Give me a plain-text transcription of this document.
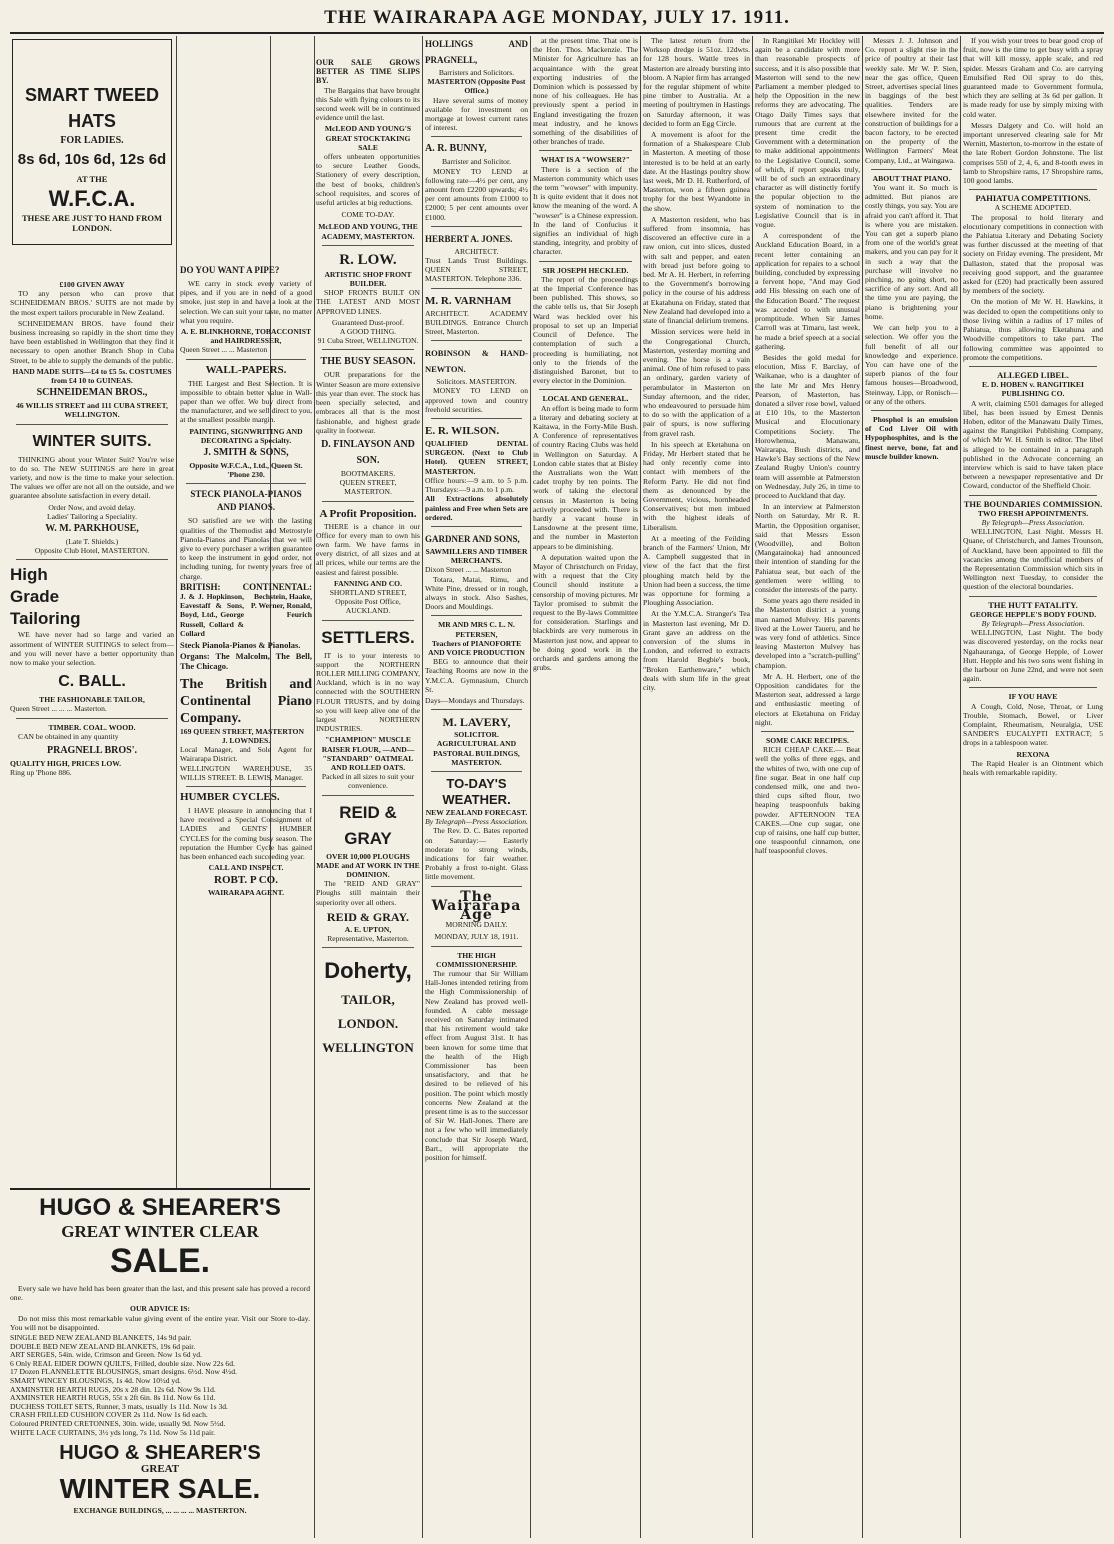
THE WAIRARAPA AGE MONDAY, JULY 17. 1911.
SMART TWEED HATS
FOR LADIES.
8s 6d, 10s 6d, 12s 6d
AT THE
W.F.C.A.
THESE ARE JUST TO HAND FROM LONDON.
£100 GIVEN AWAY

TO any person who can prove that SCHNEIDEMAN BROS.' SUITS are not made by the most expert tailors procurable in New Zealand.

SCHNEIDEMAN BROS. have found their business increasing so rapidly in the short time they have been established in Wellington that they find it necessary to open another Branch Shop in Cuba Street, to be able to supply the demands of the public.

HAND MADE SUITS—£4 to £5 5s. COSTUMES from £4 10 to GUINEAS.
SCHNEIDEMAN BROS.,
46 WILLIS STREET and 111 CUBA STREET, WELLINGTON.
WINTER SUITS.

THINKING about your Winter Suit? You're wise to do so. The NEW SUITINGS are here in great variety, and now is the time to make your selection. The values we offer are not all on the outside, and we guarantee absolute satisfaction in every detail.

Order Now, and avoid delay.
Ladies' Tailoring a Speciality.
W. M. PARKHOUSE,
(Late T. Shields.)
Opposite Club Hotel, MASTERTON.
High Grade Tailoring

WE have never had so large and varied an assortment of WINTER SUITINGS to select from—and you will never have a better opportunity than now to make your selection.

C. BALL.
THE FASHIONABLE TAILOR,
Queen Street ... ... ... Masterton.
TIMBER. COAL. WOOD.

CAN be obtained in any quantity

PRAGNELL BROS'.
QUALITY HIGH, PRICES LOW.
Ring up 'Phone 886.
DO YOU WANT A PIPE?

WE carry in stock every variety of pipes, and if you are in need of a good smoke, just step in and have a look at the selection. We can suit your taste, no matter what you require.

A. E. BLINKHORNE, TOBACCONIST and HAIRDRESSER,
Queen Street ... ... Masterton
WALL-PAPERS.

THE Largest and Best Selection. It is impossible to obtain better value in Wall-paper than we offer. We buy direct from the manufacturer, and we sell direct to you, at the smallest possible margin.

PAINTING, SIGNWRITING AND DECORATING a Specialty.
J. SMITH & SONS,
Opposite W.F.C.A., Ltd., Queen St. 'Phone 230.
STECK PIANOLA-PIANOS AND PIANOS.

SO satisfied are we with the lasting qualities of the Themodist and Metrostyle Pianola-Pianos and Pianolas that we will give to every purchaser a written guarantee to keep the instrument in good order, not including tuning, for twenty years free of charge.

BRITISH: CONTINENTAL:
J. & J. Hopkinson, Eavestaff & Sons, Boyd, Ltd., George Russell, Collard & Collard
Bechstein, Haake, P. Werner, Ronald, Feurich
Steck Pianola-Pianos & Pianolas.
Organs: The Malcolm, The Bell, The Chicago.
The British and Continental Piano Company.
169 QUEEN STREET, MASTERTON
J. LOWNDES.
Local Manager, and Sole Agent for Wairarapa District.
WELLINGTON WAREHOUSE, 35 WILLIS STREET. B. LEWIS, Manager.
HUMBER CYCLES.

I HAVE pleasure in announcing that I have received a Special Consignment of LADIES and GENTS' HUMBER CYCLES for the coming busy season. The reputation the Humber Cycle has gained has been enhanced each succeeding year.

CALL AND INSPECT.
ROBT. P CO.
WAIRARAPA AGENT.
OUR SALE GROWS BETTER AS TIME SLIPS BY.

The Bargains that have brought this Sale with flying colours to its second week will be in continued evidence until the last.

McLEOD AND YOUNG'S GREAT STOCKTAKING SALE

offers unbeaten opportunities to secure Leather Goods, Stationery of every description, the best of books, children's school requisites, and scores of useful articles at big reductions.

COME TO-DAY.
McLEOD AND YOUNG, THE ACADEMY, MASTERTON.
R. LOW.
ARTISTIC SHOP FRONT BUILDER.

SHOP FRONTS BUILT ON THE LATEST AND MOST APPROVED LINES.

Guaranteed Dust-proof.
A GOOD THING.
91 Cuba Street, WELLINGTON.
THE BUSY SEASON.

OUR preparations for the Winter Season are more extensive this year than ever. The stock has been specially selected, and embraces all that is the most fashionable, and highest grade quality in footwear.

D. FINLAYSON AND SON.
BOOTMAKERS.
QUEEN STREET, MASTERTON.
A Profit Proposition.

THERE is a chance in our Office for every man to own his own farm. We have farms in every district, of all sizes and at all prices, while our terms are the easiest and fairest possible.

FANNING AND CO.
SHORTLAND STREET, Opposite Post Office, AUCKLAND.
SETTLERS.

IT is to your interests to support the NORTHERN ROLLER MILLING COMPANY, Auckland, which is in no way connected with the SOUTHERN FLOUR TRUSTS, and by doing so you will keep alive one of the largest NORTHERN INDUSTRIES.

"CHAMPION" MUSCLE RAISER FLOUR, —AND— "STANDARD" OATMEAL AND ROLLED OATS.
Packed in all sizes to suit your convenience.
REID & GRAY
OVER 10,000 PLOUGHS MADE and AT WORK IN THE DOMINION.

The "REID AND GRAY" Ploughs still maintain their superiority over all others.

REID & GRAY.
A. E. UPTON,
Representative, Masterton.
Doherty,
TAILOR,
LONDON.
WELLINGTON
HOLLINGS AND PRAGNELL,
Barristers and Solicitors.
MASTERTON (Opposite Post Office.)

Have several sums of money available for investment on mortgage at lowest current rates of interest.

A. R. BUNNY,
Barrister and Solicitor.

MONEY TO LEND at following rate—4½ per cent, any amount from £2200 upwards; 4½ per cent amounts from £1000 to £2000; 5 per cent amounts over £1000.

HERBERT A. JONES.
ARCHITECT.
Trust Lands Trust Buildings. QUEEN STREET, MASTERTON. Telephone 336.
M. R. VARNHAM
ARCHITECT. ACADEMY BUILDINGS. Entrance Church Street, Masterton.
ROBINSON & HAND-NEWTON.
Solicitors. MASTERTON.

MONEY TO LEND on approved town and country freehold securities.

E. R. WILSON.
QUALIFIED DENTAL SURGEON. (Next to Club Hotel). QUEEN STREET, MASTERTON.
Office hours:—9 a.m. to 5 p.m. Thursdays:—9 a.m. to 1 p.m.
All Extractions absolutely painless and Free when Sets are ordered.
GARDNER AND SONS,
SAWMILLERS AND TIMBER MERCHANTS.
Dixon Street ... ... Masterton

Totara, Matai, Rimu, and White Pine, dressed or in rough, always in stock. Also Sashes, Doors and Mouldings.

MR AND MRS C. L. N. PETERSEN,
Teachers of PIANOFORTE AND VOICE PRODUCTION

BEG to announce that their Teaching Rooms are now in the Y.M.C.A. Gymnasium, Church St.

Days—Mondays and Thursdays.
M. LAVERY,
SOLICITOR.
AGRICULTURAL AND PASTORAL BUILDINGS, MASTERTON.
TO-DAY'S WEATHER.
NEW ZEALAND FORECAST.
By Telegraph—Press Association.

The Rev. D. C. Bates reported on Saturday:— Easterly moderate to strong winds, indications for fair weather. Probably a frost to-night. Glass little movement.

The Wairarapa Age
MORNING DAILY.
MONDAY, JULY 18, 1911.
THE HIGH COMMISSIONERSHIP.

The rumour that Sir William Hall-Jones intended retiring from the High Commissionership of New Zealand has proved well-founded. A cable message received on Saturday intimated that his retirement would take effect from August 31st. It has been known for some time that the health of the High Commissioner has been unsatisfactory, and that he desired to be relieved of his position. The point which mostly concerns New Zealand at the present time is as to the successor of Sir W. Hall-Jones. There are not a few who will immediately conclude that Sir Joseph Ward, Bart., will appropriate the position for himself.

at the present time. That one is the Hon. Thos. Mackenzie. The Minister for Agriculture has an acquaintance with the great exporting industries of the Dominion which is possessed by none of his colleagues. He has previously spent a period in England investigating the frozen meat industry, and he knows something of the disabilities of other branches of trade.

WHAT IS A "WOWSER?"

There is a section of the Masterton community which uses the term "wowser" with impunity. It is quite evident that it does not know the meaning of the word. A "wowser" is a Chinese expression. In the land of Confucius it signifies an individual of high standing, integrity, and probity of character.

SIR JOSEPH HECKLED.

The report of the proceedings at the Imperial Conference has been published. This shows, so the cable tells us, that Sir Joseph Ward was heckled over his proposal to set up an Imperial Council of Defence. The contemplation of such a proceeding is humiliating, not only to the friends of the distinguished Baronet, but to every elector in the Dominion.

LOCAL AND GENERAL.

An effort is being made to form a literary and debating society at Kaitawa, in the Forty-Mile Bush. A Conference of representatives of country Racing Clubs was held in Wellington on Saturday. A London cable states that at Bisley the Australians won the Watt cadet trophy by ten points. The work of taking the electoral census in Masterton is being actively proceeded with. There is hardly a vacant house in Lansdowne at the present time, and the number in Masterton appears to be diminishing.

A deputation waited upon the Mayor of Christchurch on Friday, with a request that the City Council should institute a censorship of moving pictures. Mr Taylor promised to submit the request to the By-laws Committee for consideration. Starlings and blackbirds are very numerous in Masterton just now, and appear to be doing good work in the orchards and gardens among the grubs.

The latest return from the Worksop dredge is 51oz. 12dwts. for 128 hours. Wattle trees in Masterton are already bursting into bloom. A Napier firm has arranged for the regular shipment of white pine timber to Australia. At a meeting of poultrymen in Hastings on Saturday afternoon, it was decided to form an Egg Circle.

A movement is afoot for the formation of a Shakespeare Club in Masterton. A meeting of those interested is to be held at an early date. At the Hastings poultry show last week, Mr D. H. Rutherford, of Masterton, won a fifteen guinea trophy for the best Wyandotte in the show.

A Masterton resident, who has suffered from insomnia, has discovered an effective cure in a raw onion, cut into slices, dusted with salt and pepper, and eaten with bread just before going to bed. Mr A. H. Herbert, in referring to the Government's borrowing policy in the course of his address at Ekatahuna on Friday, stated that New Zealand had developed into a state of financial delirium tremens.

Mission services were held in the Congregational Church, Masterton, yesterday morning and evening. The horse is a vain animal. One of him refused to pass an ordinary, garden variety of perambulator in Masterton on Sunday afternoon, and the rider, who endeavoured to persuade him to do so with the application of a pair of spurs, is now suffering from gravel rash.

In his speech at Eketahuna on Friday, Mr Herbert stated that he had only recently come into contact with members of the Reform Party. He did not find them as denounced by the Government, vicious, hornheaded Conservatives; but men imbued with the highest ideals of Liberalism.

At a meeting of the Feilding branch of the Farmers' Union, Mr A. Campbell suggested that in view of the fact that the first ploughing match held by the Union had been a success, the time was opportune for forming a Ploughing Association.

At the Y.M.C.A. Stranger's Tea in Masterton last evening, Mr D. Grant gave an address on the conversion of the slums in London, and referred to extracts from Harold Begbie's book, "Broken Earthenware," which deals with slum life in the great city.

In Rangitikei Mr Hockley will again be a candidate with more than reasonable prospects of success, and it is also possible that Masterton will send to the new Parliament a member pledged to help the Opposition in the new reforms they are advocating. The Otago Daily Times says that rumours that are current at the present time credit the Government with a determination to make additional appointments to the Legislative Council, some of which, if report speaks truly, will be of such an extraordinary character as will distinctly fortify the popular objection to the system of nomination to the Legislative Council that is in vogue.

A correspondent of the Auckland Education Board, in a recent letter containing an application for repairs to a school building, concluded by expressing a fervent hope, "And may God add His blessing on each one of the Education Board." The request was acceded to with unusual promptitude. When Sir James Carroll was at Timaru, last week, he made a brief speech at a social gathering.

Besides the gold medal for elocution, Miss F. Barclay, of Waikanae, who is a daughter of the late Mr and Mrs Henry Pearson, of Masterton, has donated a silver rose bowl, valued at £10 10s, to the Masterton Musical and Elocutionary Competitions Society. The Horowhenua, Manawatu, Wairarapa, Bush districts, and Hawke's Bay sections of the New Zealand Rugby Union's country team will assemble at Palmerston on Wednesday, July 26, in time to proceed to Auckland that day.

In an interview at Palmerston North on Saturday, Mr R. R. Martin, the Opposition organiser, said that Messrs Esson (Woodville), and Bolton (Mangatainoka) had announced their intention of standing for the Pahiatua seat, but each of the gentlemen were willing to consider the interests of the party.

Some years ago there resided in the Masterton district a young man named Mulvey. His parents lived at the Lower Taueru, and he was very fond of athletics. Since leaving Masterton Mulvey has developed into a "scratch-pulling" champion.

Mr A. H. Herbert, one of the Opposition candidates for the Masterton seat, addressed a large and enthusiastic meeting of electors at Eketahuna on Friday night.

SOME CAKE RECIPES.

RICH CHEAP CAKE.— Beat well the yolks of three eggs, and the whites of two, with one cup of fine sugar. Beat in one half cup condensed milk, one and two-third cups sifted flour, two heaping teaspoonfuls baking powder. AFTERNOON TEA CAKES.—One cup sugar, one cup of raisins, one half cup butter, one teaspoonful cinnamon, one half teaspoonful cloves.

Messrs J. J. Johnson and Co. report a slight rise in the price of poultry at their last weekly sale. Mr W. P. Sien, near the gas office, Queen Street, advertises special lines in baggings of the best qualities. Tenders are elsewhere invited for the construction of buildings for a bacon factory, to be erected on the property of the Wellington Farmers' Meat Company, Ltd., at Waingawa.

ABOUT THAT PIANO.

You want it. So much is admitted. But pianos are costly things, you say. You are afraid you can't afford it. That is where you are mistaken. You can get a superb piano from one of the world's great makers, and you can pay for it in such a way that the purchase will involve no pinching, no going short, no sacrifice of any sort. And all the time you are paying, the piano is brightening your home.

We can help you to a selection. We offer you the full benefit of all our knowledge and experience. You can have one of the superb pianos of the four famous houses—Broadwood, Steinway, Lipp, or Ronisch—or any of the others.

Phosphol is an emulsion of Cod Liver Oil with Hypophosphites, and is the finest nerve, bone, fat and muscle builder known.

If you wish your trees to bear good crop of fruit, now is the time to get busy with a spray that will kill mossy, apple scale, and red spider. Messrs Graham and Co. are carrying Emulsified Red Oil spray to do this, guaranteed made to Government formula, which they are selling at 3s 6d per gallon. It is made ready for use by simply mixing with cold water.

Messrs Dalgety and Co. will hold an important unreserved clearing sale for Mr Wernitt, Masterton, to-morrow in the estate of the late Robert Gordon Johnstone. The list comprises 550 of 2, 4, 6, and 8-tooth ewes in lamb to Shropshire rams, 17 Shropshire rams, 100 good lambs.

PAHIATUA COMPETITIONS.
A SCHEME ADOPTED.

The proposal to hold literary and elocutionary competitions in connection with the Pahiatua Literary and Debating Society was further discussed at the meeting of that society on Friday evening. The president, Mr Dallaston, stated that the proposal was receiving good support, and the guarantee asked for (£20) had practically been assured by members of the society.

On the motion of Mr W. H. Hawkins, it was decided to open the competitions only to those living within a radius of 17 miles of Pahiatua, thus allowing Eketahuna and Woodville competitors to take part. The following committee was appointed to promote the competitions.

ALLEGED LIBEL.
E. D. HOBEN v. RANGITIKEI PUBLISHING CO.

A writ, claiming £501 damages for alleged libel, has been issued by Ernest Dennis Hoben, editor of the Manawatu Daily Times, against the Rangitikei Publishing Company, of which Mr W. H. Smith is editor. The libel is alleged to be contained in a paragraph published in the Advocate concerning an interview which is said to have taken place between a newspaper representative and Dr Coward, conductor of the Sheffield Choir.

THE BOUNDARIES COMMISSION.
TWO FRESH APPOINTMENTS.
By Telegraph—Press Association.

WELLINGTON, Last Night. Messrs H. Quane, of Christchurch, and James Trounson, of Auckland, have been appointed to fill the vacancies among the unofficial members of the Representation Commission which sits in Wellington next Tuesday, to consider the question of the electoral boundaries.

THE HUTT FATALITY.
GEORGE HEPPLE'S BODY FOUND.
By Telegraph—Press Association.

WELLINGTON, Last Night. The body was discovered yesterday, on the rocks near Ngahauranga, of George Hepple, of Lower Hutt. Hepple and his two sons went fishing in the harbour on June 22nd, and were not seen again.

IF YOU HAVE

A Cough, Cold, Nose, Throat, or Lung Trouble, Stomach, Bowel, or Liver Complaint, Rheumatism, Neuralgia, USE SANDER'S EUCALYPTI EXTRACT; 5 drops in a tablespoon water.

REXONA

The Rapid Healer is an Ointment which heals with remarkable rapidity.

HUGO & SHEARER'S
GREAT WINTER CLEAR
SALE.

Every sale we have held has been greater than the last, and this present sale has proved a record one.

OUR ADVICE IS:

Do not miss this most remarkable value giving event of the entire year. Visit our Store to-day. You will not be disappointed.

SINGLE BED NEW ZEALAND BLANKETS, 14s 9d pair.
DOUBLE BED NEW ZEALAND BLANKETS, 19s 6d pair.
ART SERGES, 54in. wide, Crimson and Green. Now 1s 6d yd.
6 Only REAL EIDER DOWN QUILTS, Frilled, double size. Now 22s 6d.
17 Dozen FLANNELETTE BLOUSINGS, smart designs. 6½d. Now 4½d.
SMART WINCEY BLOUSINGS, 1s 4d. Now 10½d yd.
AXMINSTER HEARTH RUGS, 20s x 28 din. 12s 6d. Now 9s 11d.
AXMINSTER HEARTH RUGS, 55t x 2ft 6in. 8s 11d. Now 6s 11d.
DUCHESS TOILET SETS, Runner, 3 mats, usually 1s 11d. Now 1s 3d.
CRASH FRILLED CUSHION COVER 2s 11d. Now 1s 6d each.
Coloured PRINTED CRETONNES, 30in. wide, usually 9d. Now 5½d.
WHITE LACE CURTAINS, 3½ yds long, 7s 11d. Now 5s 11d pair.
HUGO & SHEARER'S
GREAT
WINTER SALE.
EXCHANGE BUILDINGS, ... ... ... ... MASTERTON.
